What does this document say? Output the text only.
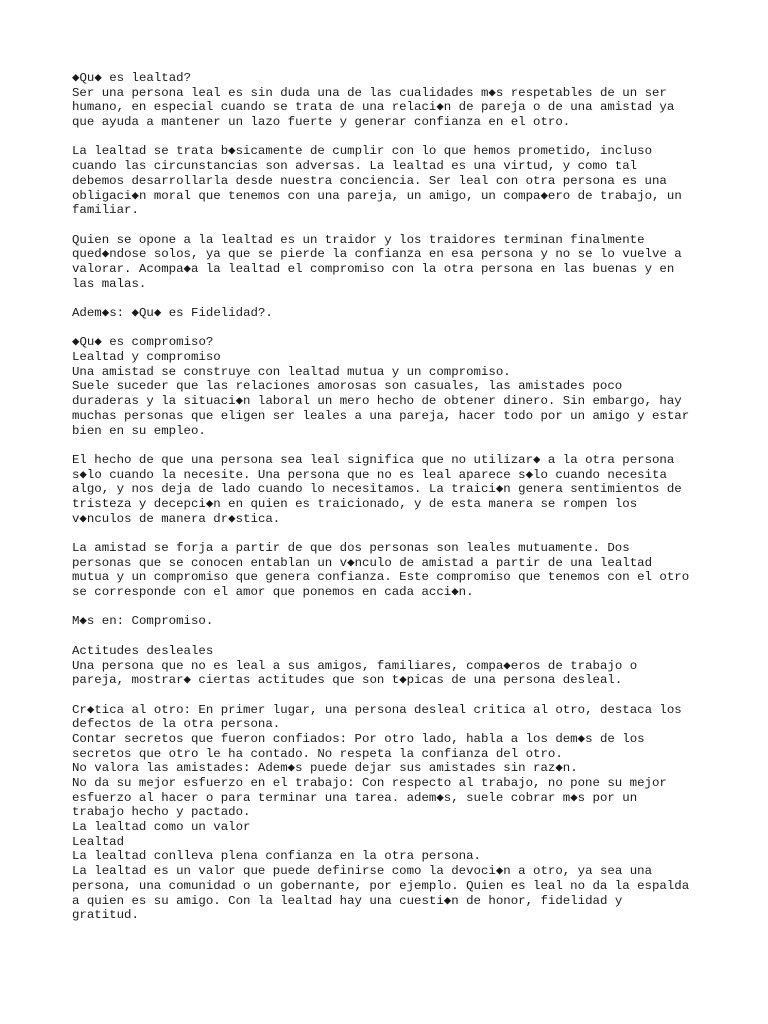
◆Qu◆ es lealtad?
Ser una persona leal es sin duda una de las cualidades m◆s respetables de un ser
humano, en especial cuando se trata de una relaci◆n de pareja o de una amistad ya
que ayuda a mantener un lazo fuerte y generar confianza en el otro.
La lealtad se trata b◆sicamente de cumplir con lo que hemos prometido, incluso
cuando las circunstancias son adversas. La lealtad es una virtud, y como tal
debemos desarrollarla desde nuestra conciencia. Ser leal con otra persona es una
obligaci◆n moral que tenemos con una pareja, un amigo, un compa◆ero de trabajo, un
familiar.
Quien se opone a la lealtad es un traidor y los traidores terminan finalmente
qued◆ndose solos, ya que se pierde la confianza en esa persona y no se lo vuelve a
valorar. Acompa◆a la lealtad el compromiso con la otra persona en las buenas y en
las malas.
Adem◆s: ◆Qu◆ es Fidelidad?.
◆Qu◆ es compromiso?
Lealtad y compromiso
Una amistad se construye con lealtad mutua y un compromiso.
Suele suceder que las relaciones amorosas son casuales, las amistades poco
duraderas y la situaci◆n laboral un mero hecho de obtener dinero. Sin embargo, hay
muchas personas que eligen ser leales a una pareja, hacer todo por un amigo y estar
bien en su empleo.
El hecho de que una persona sea leal significa que no utilizar◆ a la otra persona
s◆lo cuando la necesite. Una persona que no es leal aparece s◆lo cuando necesita
algo, y nos deja de lado cuando lo necesitamos. La traici◆n genera sentimientos de
tristeza y decepci◆n en quien es traicionado, y de esta manera se rompen los
v◆nculos de manera dr◆stica.
La amistad se forja a partir de que dos personas son leales mutuamente. Dos
personas que se conocen entablan un v◆nculo de amistad a partir de una lealtad
mutua y un compromiso que genera confianza. Este compromiso que tenemos con el otro
se corresponde con el amor que ponemos en cada acci◆n.
M◆s en: Compromiso.
Actitudes desleales
Una persona que no es leal a sus amigos, familiares, compa◆eros de trabajo o
pareja, mostrar◆ ciertas actitudes que son t◆picas de una persona desleal.
Cr◆tica al otro: En primer lugar, una persona desleal critica al otro, destaca los
defectos de la otra persona.
Contar secretos que fueron confiados: Por otro lado, habla a los dem◆s de los
secretos que otro le ha contado. No respeta la confianza del otro.
No valora las amistades: Adem◆s puede dejar sus amistades sin raz◆n.
No da su mejor esfuerzo en el trabajo: Con respecto al trabajo, no pone su mejor
esfuerzo al hacer o para terminar una tarea. adem◆s, suele cobrar m◆s por un
trabajo hecho y pactado.
La lealtad como un valor
Lealtad
La lealtad conlleva plena confianza en la otra persona.
La lealtad es un valor que puede definirse como la devoci◆n a otro, ya sea una
persona, una comunidad o un gobernante, por ejemplo. Quien es leal no da la espalda
a quien es su amigo. Con la lealtad hay una cuesti◆n de honor, fidelidad y
gratitud.
